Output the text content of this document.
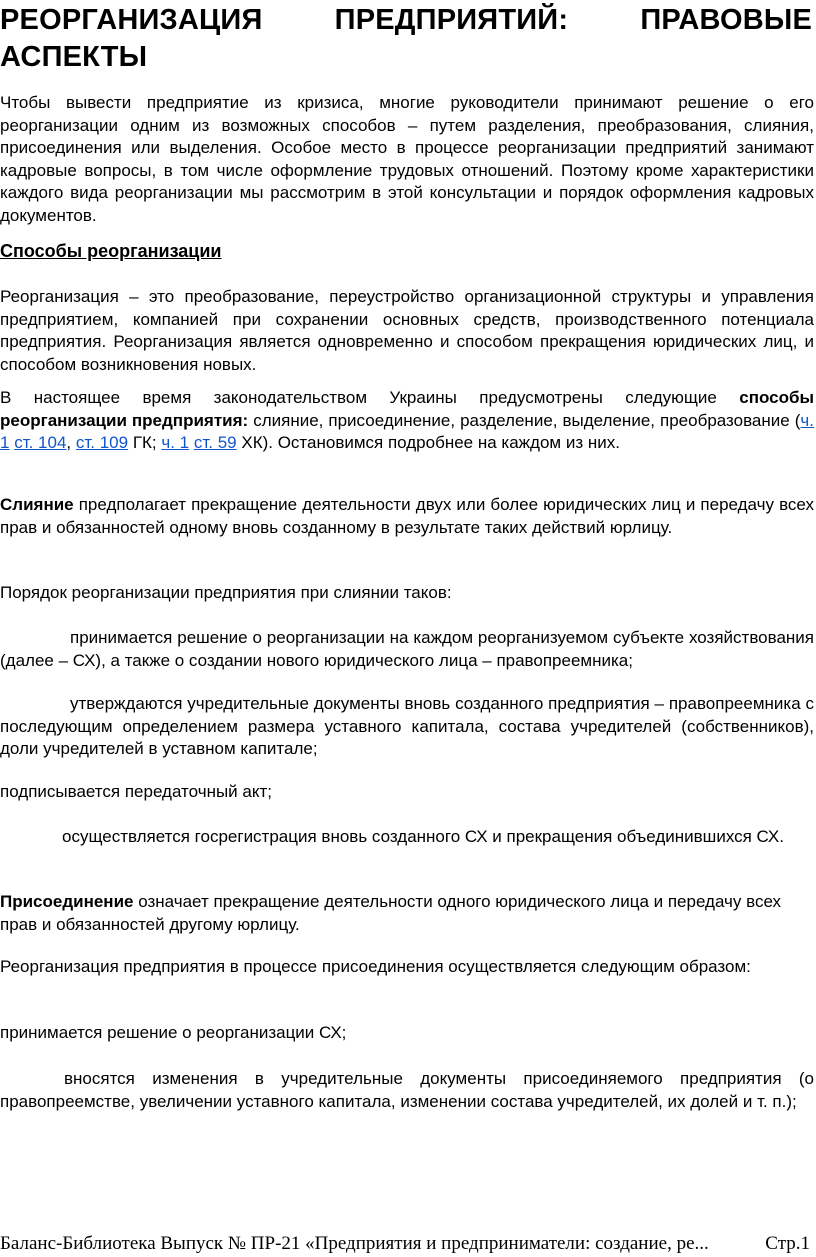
РЕОРГАНИЗАЦИЯ ПРЕДПРИЯТИЙ: ПРАВОВЫЕ АСПЕКТЫ

Чтобы вывести предприятие из кризиса, многие руководители принимают решение о его реорганизации одним из возможных способов – путем разделения, преобразования, слияния, присоединения или выделения. Особое место в процессе реорганизации предприятий занимают кадровые вопросы, в том числе оформление трудовых отношений. Поэтому кроме характеристики каждого вида реорганизации мы рассмотрим в этой консультации и порядок оформления кадровых документов.

Способы реорганизации

Реорганизация – это преобразование, переустройство организационной структуры и управления предприятием, компанией при сохранении основных средств, производственного потенциала предприятия. Реорганизация является одновременно и способом прекращения юридических лиц, и способом возникновения новых.

В настоящее время законодательством Украины предусмотрены следующие способы реорганизации предприятия: слияние, присоединение, разделение, выделение, преобразование (ч. 1 ст. 104, ст. 109 ГК; ч. 1 ст. 59 ХК). Остановимся подробнее на каждом из них.

Слияние предполагает прекращение деятельности двух или более юридических лиц и передачу всех прав и обязанностей одному вновь созданному в результате таких действий юрлицу.

Порядок реорганизации предприятия при слиянии таков:

принимается решение о реорганизации на каждом реорганизуемом субъекте хозяйствования (далее – СХ), а также о создании нового юридического лица – правопреемника;

утверждаются учредительные документы вновь созданного предприятия – правопреемника с последующим определением размера уставного капитала, состава учредителей (собственников), доли учредителей в уставном капитале;

подписывается передаточный акт;

осуществляется госрегистрация вновь созданного СХ и прекращения объединившихся СХ.

Присоединение означает прекращение деятельности одного юридического лица и передачу всех прав и обязанностей другому юрлицу.

Реорганизация предприятия в процессе присоединения осуществляется следующим образом:

принимается решение о реорганизации СХ;

вносятся изменения в учредительные документы присоединяемого предприятия (о правопреемстве, увеличении уставного капитала, изменении состава учредителей, их долей и т. п.);

Баланс-Библиотека Выпуск № ПР-21 «Предприятия и предприниматели: создание, ре...	Стр.1
